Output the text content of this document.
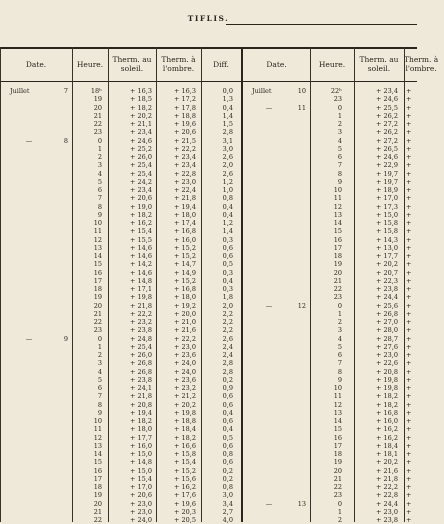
TIFLIS.
Date.	Heure.	Therm. au
soleil.
Therm. à
l'ombre.	Diff.	Date.	Heure.	Therm. au
soleil.
Therm. à
l'ombre.
Juillet	7	18ʰ	+ 16,3	+ 16,3	0,0
19	+ 18,5	+ 17,2	1,3
20	+ 18,2	+ 17,8	0,4
21	+ 20,2	+ 18,8	1,4
22	+ 21,1	+ 19,6	1,5
23	+ 23,4	+ 20,6	2,8
—	8	0	+ 24,6	+ 21,5	3,1
1	+ 25,2	+ 22,2	3,0
2	+ 26,0	+ 23,4	2,6
3	+ 25,4	+ 23,4	2,0
4	+ 25,4	+ 22,8	2,6
5	+ 24,2	+ 23,0	1,2
6	+ 23,4	+ 22,4	1,0
7	+ 20,6	+ 21,8	0,8
8	+ 19,0	+ 19,4	0,4
9	+ 18,2	+ 18,0	0,4
10	+ 16,2	+ 17,4	1,2
11	+ 15,4	+ 16,8	1,4
12	+ 15,5	+ 16,0	0,3
13	+ 14,6	+ 15,2	0,6
14	+ 14,6	+ 15,2	0,6
15	+ 14,2	+ 14,7	0,5
16	+ 14,6	+ 14,9	0,3
17	+ 14,8	+ 15,2	0,4
18	+ 17,1	+ 16,8	0,3
19	+ 19,8	+ 18,0	1,8
20	+ 21,8	+ 19,2	2,0
21	+ 22,2	+ 20,0	2,2
22	+ 23,2	+ 21,0	2,2
23	+ 23,8	+ 21,6	2,2
—	9	0	+ 24,8	+ 22,2	2,6
1	+ 25,4	+ 23,0	2,4
2	+ 26,0	+ 23,6	2,4
3	+ 26,8	+ 24,0	2,8
4	+ 26,8	+ 24,0	2,8
5	+ 23,8	+ 23,6	0,2
6	+ 24,1	+ 23,2	0,9
7	+ 21,8	+ 21,2	0,6
8	+ 20,8	+ 20,2	0,6
9	+ 19,4	+ 19,8	0,4
10	+ 18,2	+ 18,8	0,6
11	+ 18,0	+ 18,4	0,4
12	+ 17,7	+ 18,2	0,5
13	+ 16,0	+ 16,6	0,6
14	+ 15,0	+ 15,8	0,8
15	+ 14,8	+ 15,4	0,6
16	+ 15,0	+ 15,2	0,2
17	+ 15,4	+ 15,6	0,2
18	+ 17,0	+ 16,2	0,8
19	+ 20,6	+ 17,6	3,0
20	+ 23,0	+ 19,6	3,4
21	+ 23,0	+ 20,3	2,7
22	+ 24,0	+ 20,5	4,0
Juillet	10	22ʰ	+ 23,4 +
23	+ 24,6 +
—	11	0	+ 25,5 +
1	+ 26,2 +
2	+ 27,2 +
3	+ 26,2 +
4	+ 27,2 +
5	+ 26,5 +
6	+ 24,6 +
7	+ 22,9 +
8	+ 19,7 +
9	+ 19,7 +
10	+ 18,9 +
11	+ 17,0 +
12	+ 17,3 +
13	+ 15,0 +
14	+ 15,8 +
15	+ 15,8 +
16	+ 14,3 +
17	+ 13,0 +
18	+ 17,7 +
19	+ 20,2 +
20	+ 20,7 +
21	+ 22,3 +
22	+ 23,8 +
23	+ 24,4 +
—	12	0	+ 25,6 +
1	+ 26,8 +
2	+ 27,0 +
3	+ 28,0 +
4	+ 28,7 +
5	+ 27,6 +
6	+ 23,0 +
7	+ 22,6 +
8	+ 20,8 +
9	+ 19,8 +
10	+ 19,8 +
11	+ 18,2 +
12	+ 18,2 +
13	+ 16,8 +
14	+ 16,0 +
15	+ 16,2 +
16	+ 16,2 +
17	+ 18,4 +
18	+ 18,1 +
19	+ 20,2 +
20	+ 21,6 +
21	+ 21,8 +
22	+ 22,2 +
23	+ 22,8 +
—	13	0	+ 24,4 +
1	+ 23,0 +
2	+ 23,8 +
